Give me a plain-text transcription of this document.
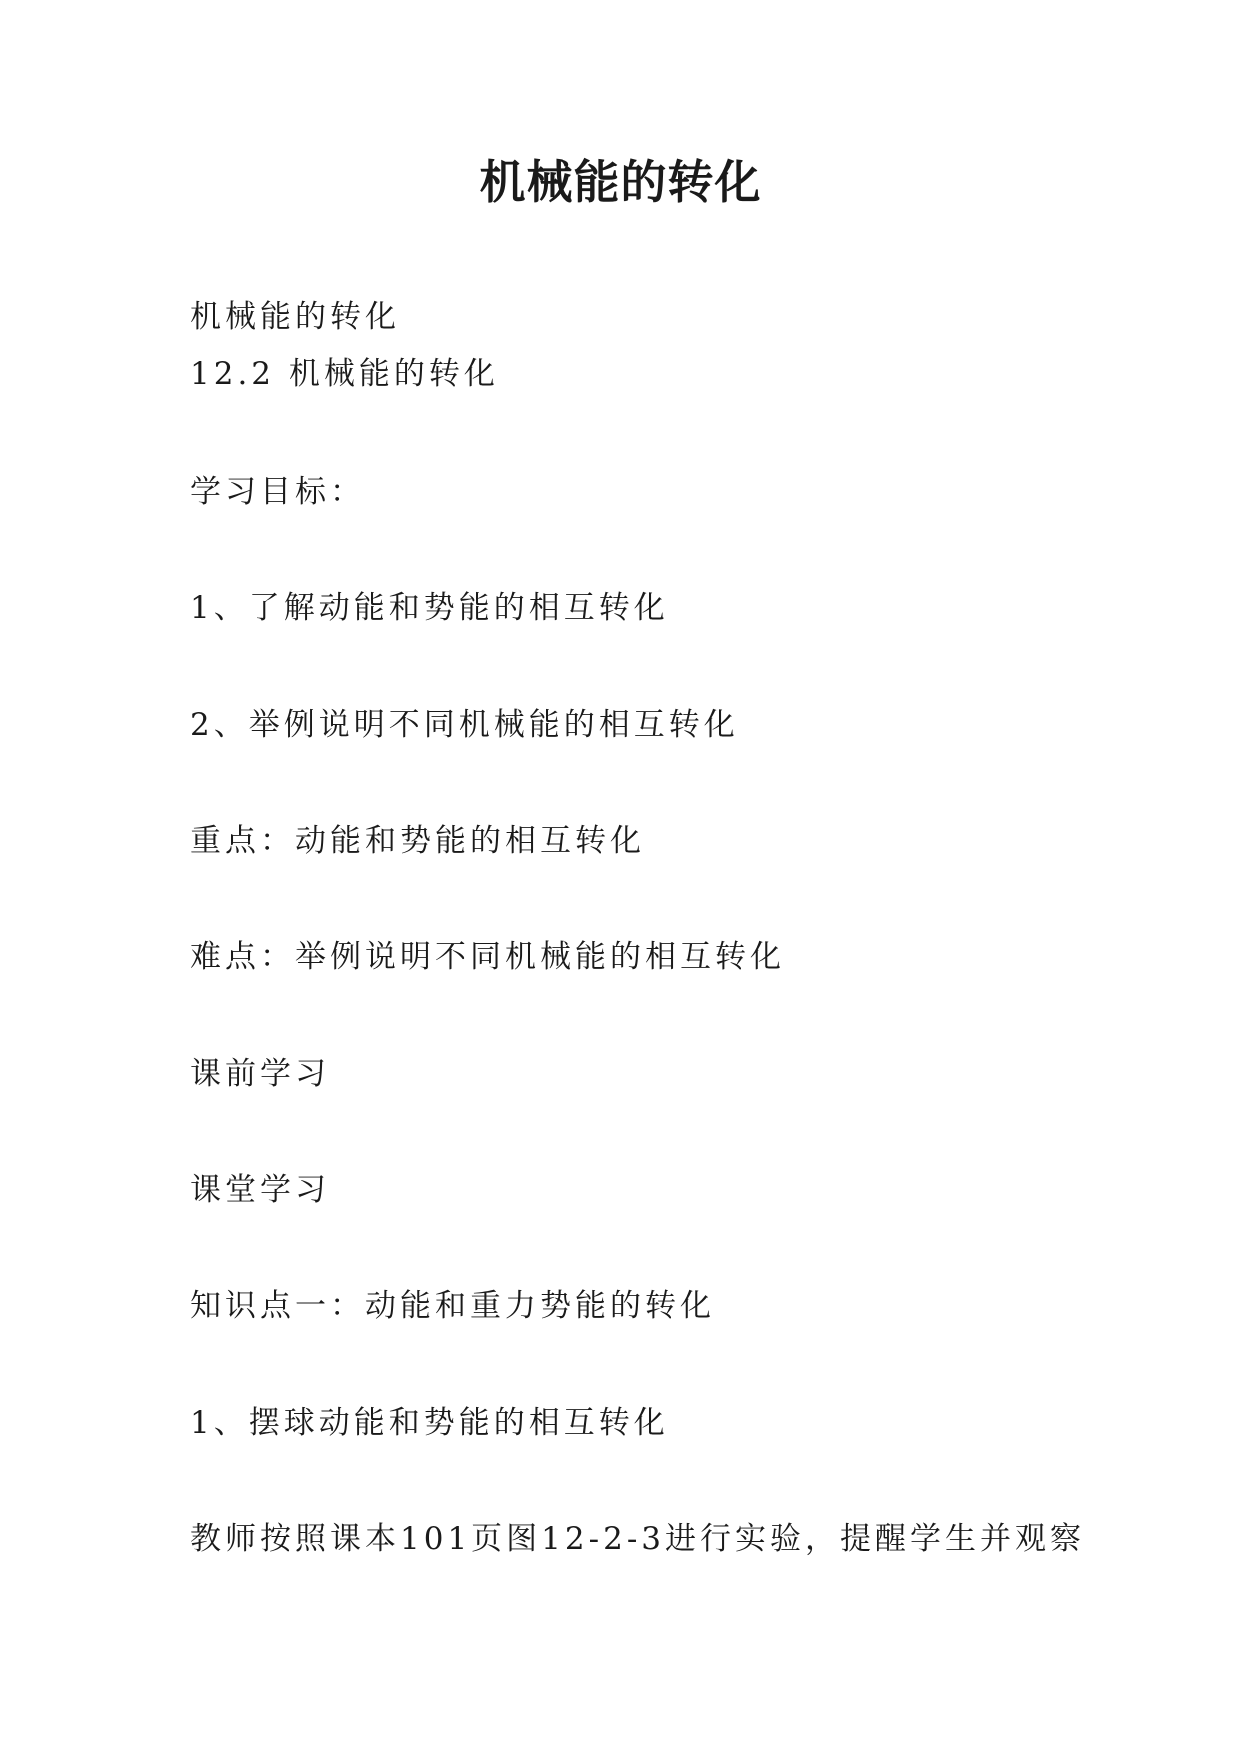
机械能的转化

机械能的转化

12.2 机械能的转化

学习目标：

1、了解动能和势能的相互转化

2、举例说明不同机械能的相互转化

重点：动能和势能的相互转化

难点：举例说明不同机械能的相互转化

课前学习

课堂学习

知识点一：动能和重力势能的转化

1、摆球动能和势能的相互转化

教师按照课本101页图12-2-3进行实验，提醒学生并观察
